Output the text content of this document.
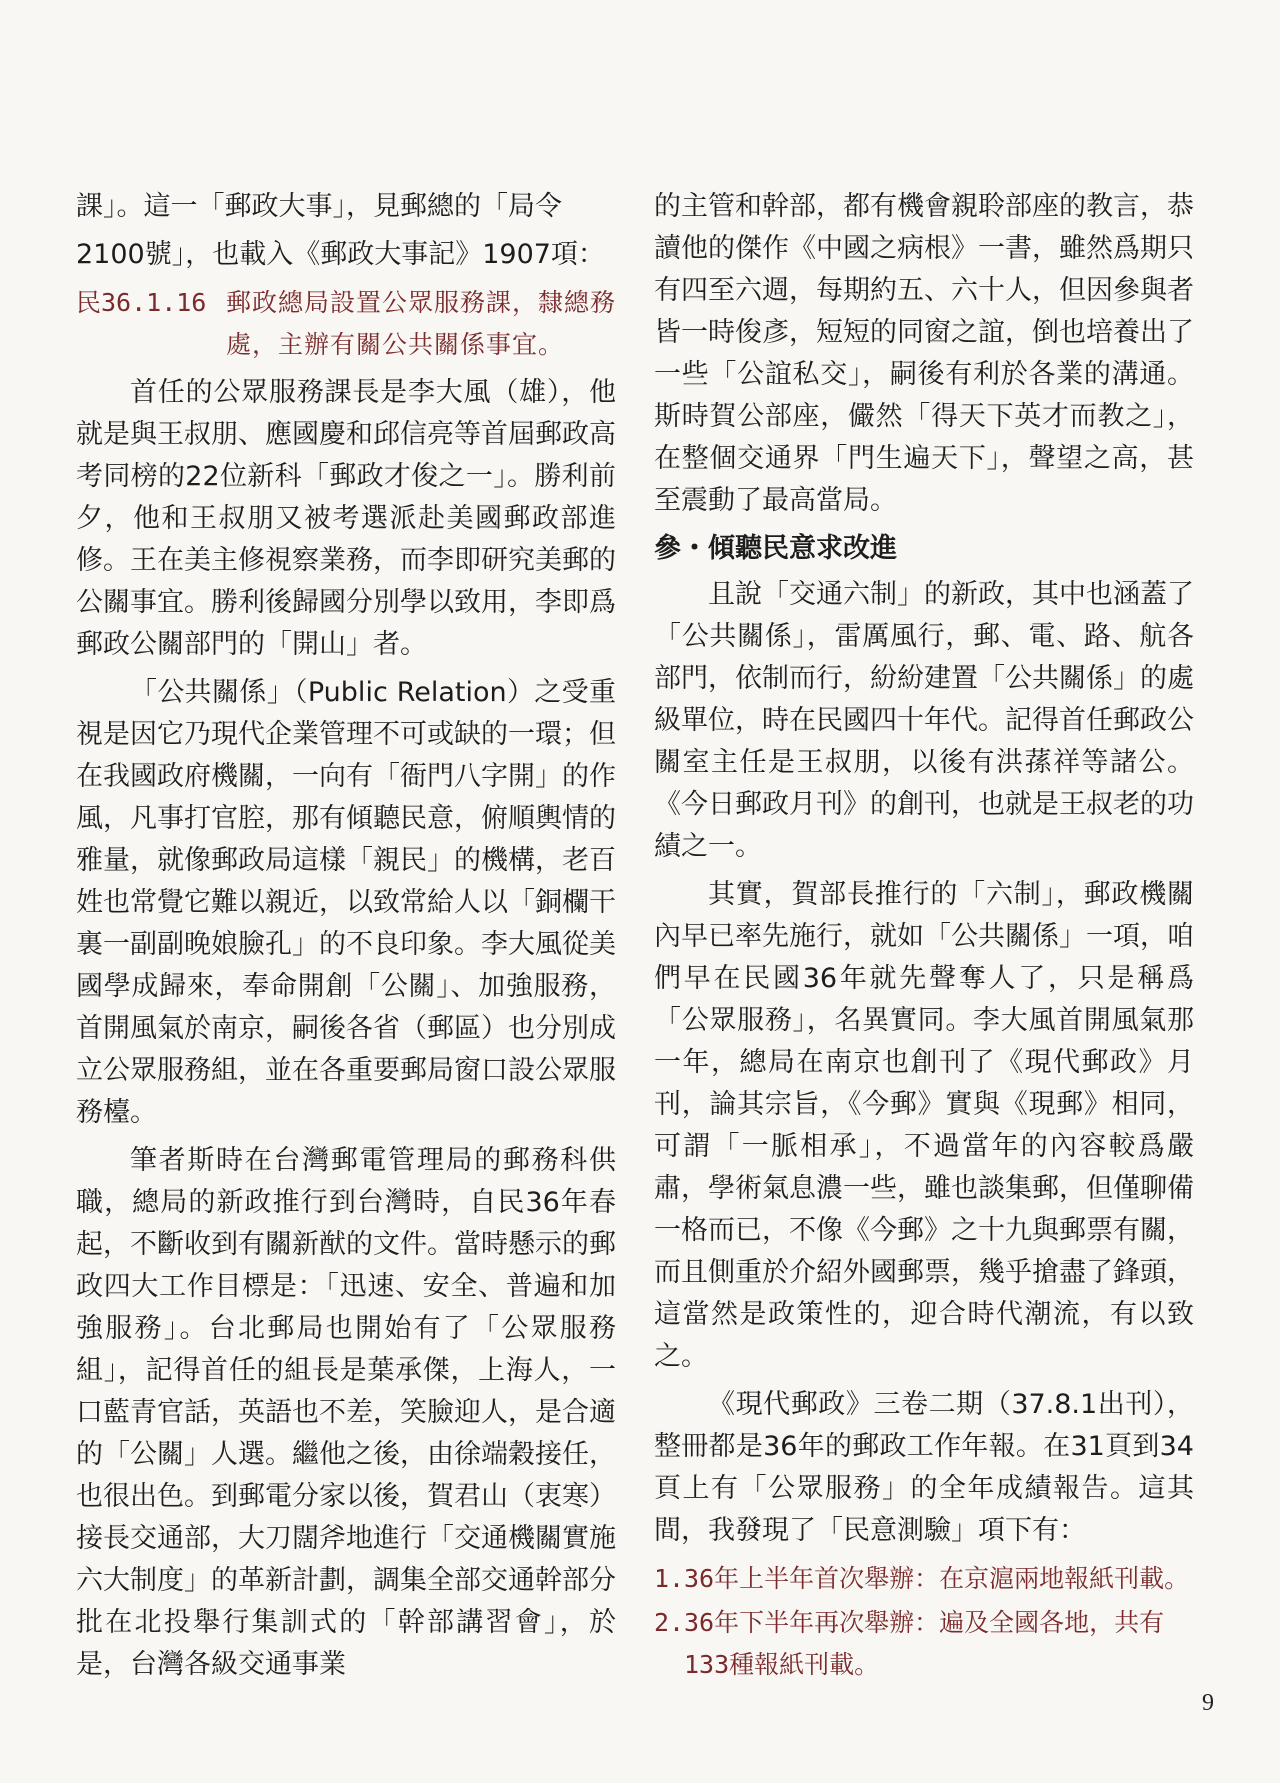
課」。這一「郵政大事」，見郵總的「局令

2100號」，也載入《郵政大事記》1907項：

民36.1.16 郵政總局設置公眾服務課，隸總務處，主辦有關公共關係事宜。

首任的公眾服務課長是李大風（雄），他就是與王叔朋、應國慶和邱信亮等首屆郵政高考同榜的22位新科「郵政才俊之一」。勝利前夕，他和王叔朋又被考選派赴美國郵政部進修。王在美主修視察業務，而李即研究美郵的公關事宜。勝利後歸國分別學以致用，李即爲郵政公關部門的「開山」者。

「公共關係」（Public Relation）之受重視是因它乃現代企業管理不可或缺的一環；但在我國政府機關，一向有「衙門八字開」的作風，凡事打官腔，那有傾聽民意，俯順輿情的雅量，就像郵政局這樣「親民」的機構，老百姓也常覺它難以親近，以致常給人以「銅欄干裏一副副晚娘臉孔」的不良印象。李大風從美國學成歸來，奉命開創「公關」、加強服務，首開風氣於南京，嗣後各省（郵區）也分別成立公眾服務組，並在各重要郵局窗口設公眾服務檯。

筆者斯時在台灣郵電管理局的郵務科供職，總局的新政推行到台灣時，自民36年春起，不斷收到有關新猷的文件。當時懸示的郵政四大工作目標是：「迅速、安全、普遍和加強服務」。台北郵局也開始有了「公眾服務組」，記得首任的組長是葉承傑，上海人，一口藍青官話，英語也不差，笑臉迎人，是合適的「公關」人選。繼他之後，由徐端穀接任，也很出色。到郵電分家以後，賀君山（衷寒）接長交通部，大刀闊斧地進行「交通機關實施六大制度」的革新計劃，調集全部交通幹部分批在北投舉行集訓式的「幹部講習會」，於是，台灣各級交通事業

的主管和幹部，都有機會親聆部座的教言，恭讀他的傑作《中國之病根》一書，雖然爲期只有四至六週，每期約五、六十人，但因參與者皆一時俊彥，短短的同窗之誼，倒也培養出了一些「公誼私交」，嗣後有利於各業的溝通。斯時賀公部座，儼然「得天下英才而教之」，在整個交通界「門生遍天下」，聲望之高，甚至震動了最高當局。

參・傾聽民意求改進

且說「交通六制」的新政，其中也涵蓋了「公共關係」，雷厲風行，郵、電、路、航各部門，依制而行，紛紛建置「公共關係」的處級單位，時在民國四十年代。記得首任郵政公關室主任是王叔朋，以後有洪蓀祥等諸公。《今日郵政月刊》的創刊，也就是王叔老的功績之一。

其實，賀部長推行的「六制」，郵政機關內早已率先施行，就如「公共關係」一項，咱們早在民國36年就先聲奪人了，只是稱爲「公眾服務」，名異實同。李大風首開風氣那一年，總局在南京也創刊了《現代郵政》月刊，論其宗旨，《今郵》實與《現郵》相同，可謂「一脈相承」，不過當年的內容較爲嚴肅，學術氣息濃一些，雖也談集郵，但僅聊備一格而已，不像《今郵》之十九與郵票有關，而且側重於介紹外國郵票，幾乎搶盡了鋒頭，這當然是政策性的，迎合時代潮流，有以致之。

《現代郵政》三卷二期（37.8.1出刊），整冊都是36年的郵政工作年報。在31頁到34頁上有「公眾服務」的全年成績報告。這其間，我發現了「民意測驗」項下有：

1. 36年上半年首次舉辦：在京滬兩地報紙刊載。
2. 36年下半年再次舉辦：遍及全國各地，共有133種報紙刊載。
9
